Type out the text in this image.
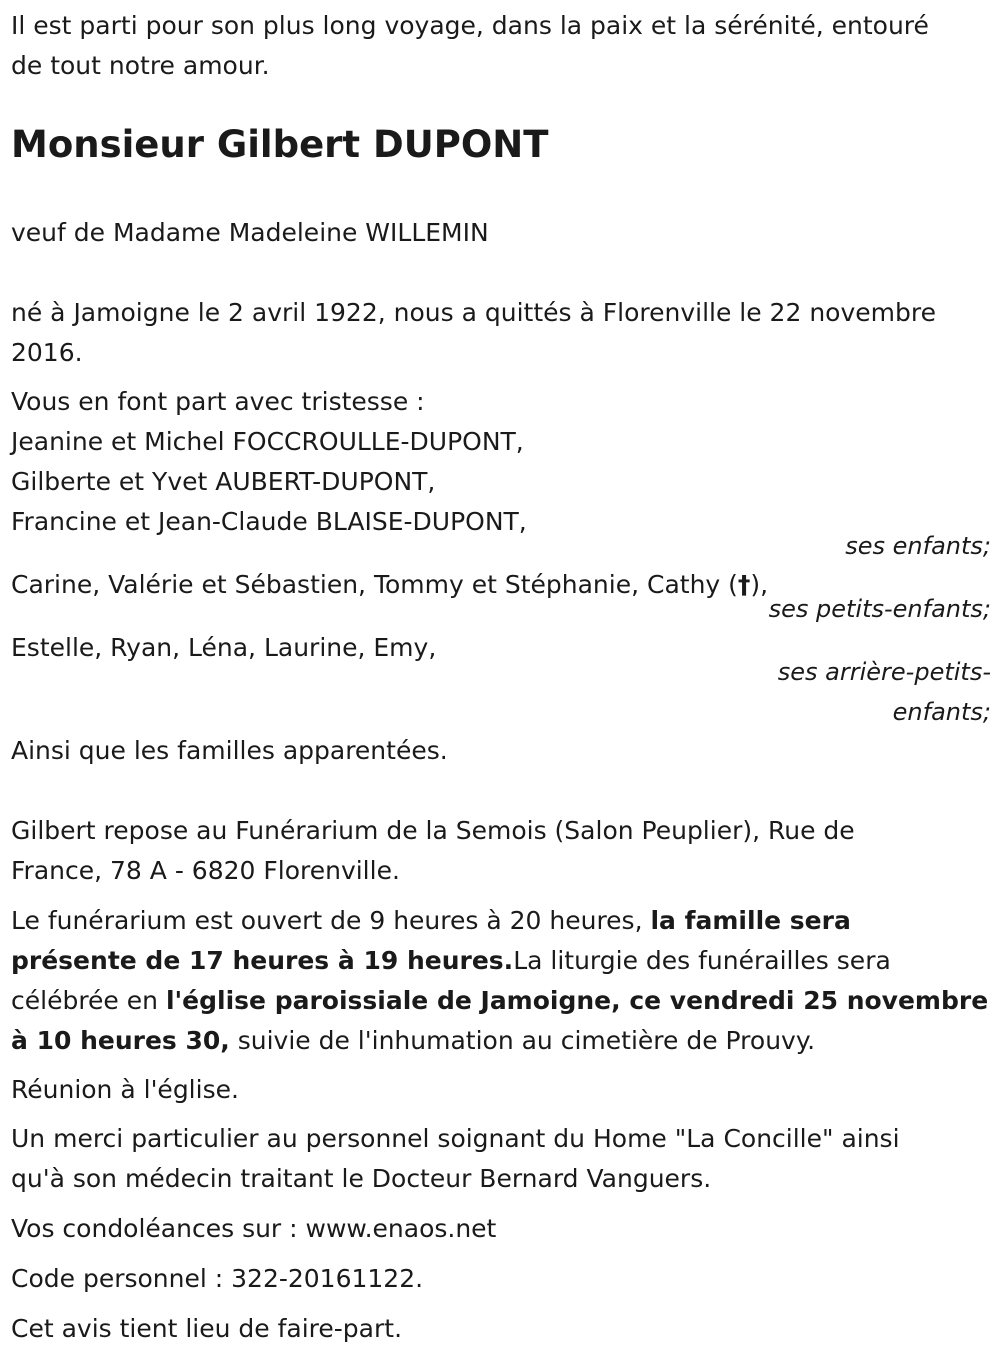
Il est parti pour son plus long voyage, dans la paix et la sérénité, entouré
de tout notre amour.
Monsieur Gilbert DUPONT
veuf de Madame Madeleine WILLEMIN
né à Jamoigne le 2 avril 1922, nous a quittés à Florenville le 22 novembre
2016.
Vous en font part avec tristesse :
Jeanine et Michel FOCCROULLE-DUPONT,
Gilberte et Yvet AUBERT-DUPONT,
Francine et Jean-Claude BLAISE-DUPONT,
ses enfants;
Carine, Valérie et Sébastien, Tommy et Stéphanie, Cathy (†),
ses petits-enfants;
Estelle, Ryan, Léna, Laurine, Emy,
ses arrière-petits-
enfants;
Ainsi que les familles apparentées.
Gilbert repose au Funérarium de la Semois (Salon Peuplier), Rue de
France, 78 A - 6820 Florenville.
Le funérarium est ouvert de 9 heures à 20 heures, la famille sera
présente de 17 heures à 19 heures.La liturgie des funérailles sera
célébrée en l'église paroissiale de Jamoigne, ce vendredi 25 novembre
à 10 heures 30, suivie de l'inhumation au cimetière de Prouvy.
Réunion à l'église.
Un merci particulier au personnel soignant du Home "La Concille" ainsi
qu'à son médecin traitant le Docteur Bernard Vanguers.
Vos condoléances sur : www.enaos.net
Code personnel : 322-20161122.
Cet avis tient lieu de faire-part.
